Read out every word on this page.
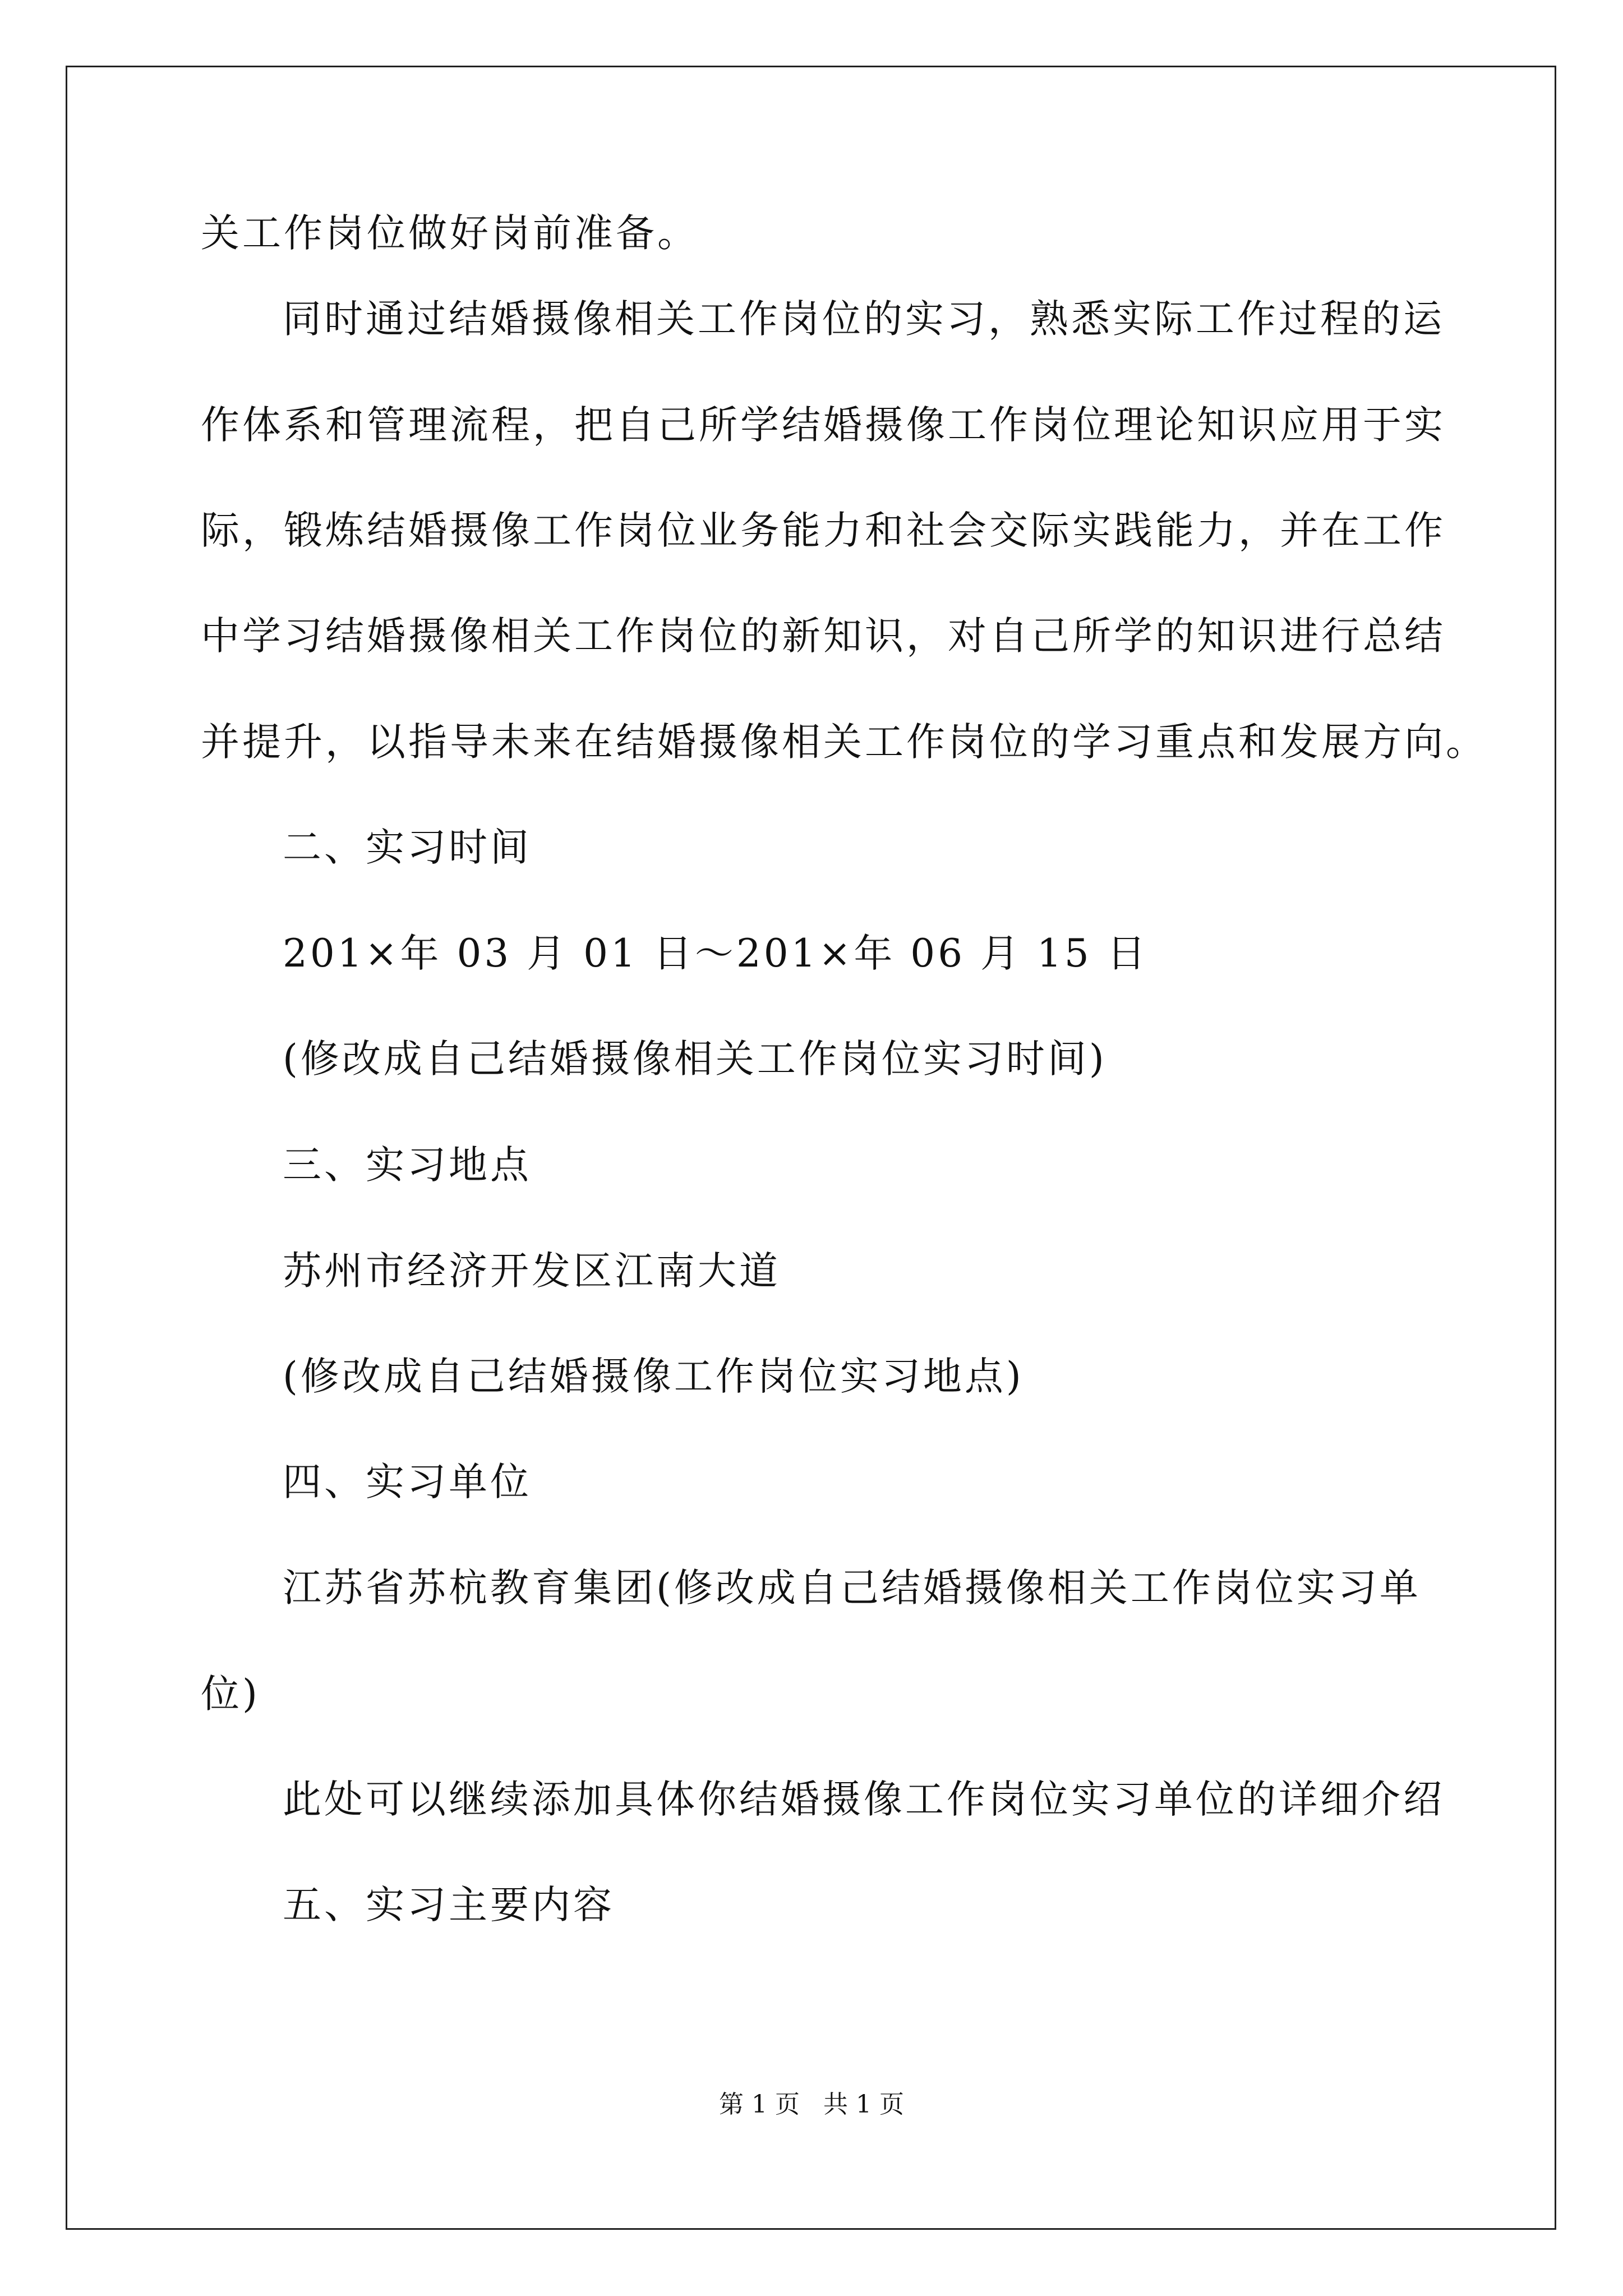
关工作岗位做好岗前准备。
同时通过结婚摄像相关工作岗位的实习，熟悉实际工作过程的运
作体系和管理流程，把自己所学结婚摄像工作岗位理论知识应用于实
际，锻炼结婚摄像工作岗位业务能力和社会交际实践能力，并在工作
中学习结婚摄像相关工作岗位的新知识，对自己所学的知识进行总结
并提升，以指导未来在结婚摄像相关工作岗位的学习重点和发展方向。
二、实习时间
201×年 03 月 01 日～201×年 06 月 15 日
(修改成自己结婚摄像相关工作岗位实习时间)
三、实习地点
苏州市经济开发区江南大道
(修改成自己结婚摄像工作岗位实习地点)
四、实习单位
江苏省苏杭教育集团(修改成自己结婚摄像相关工作岗位实习单
位)
此处可以继续添加具体你结婚摄像工作岗位实习单位的详细介绍
五、实习主要内容
第 1 页   共 1 页
